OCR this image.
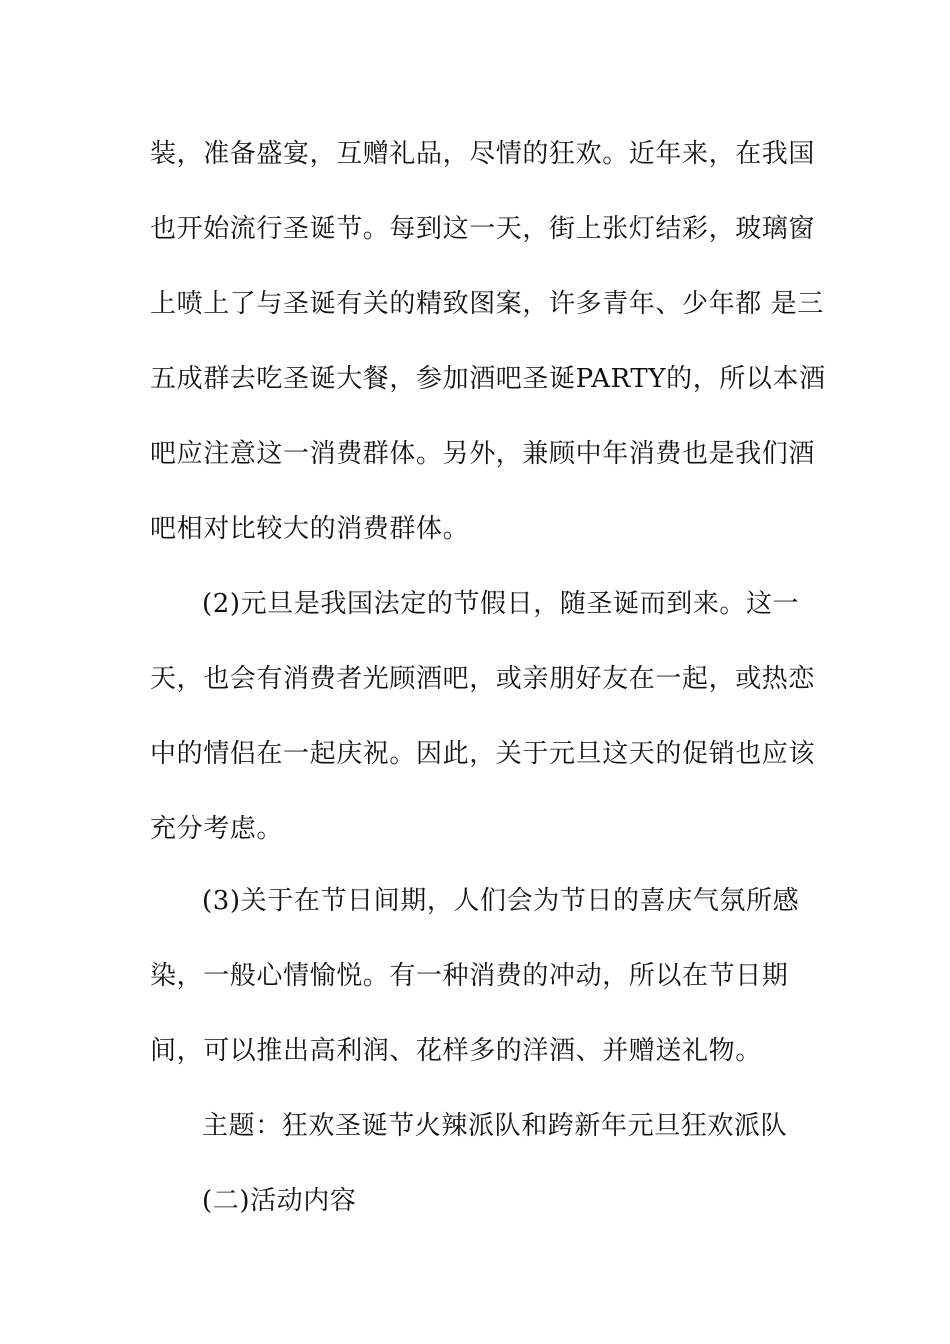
装，准备盛宴，互赠礼品，尽情的狂欢。近年来，在我国
也开始流行圣诞节。每到这一天，街上张灯结彩，玻璃窗
上喷上了与圣诞有关的精致图案，许多青年、少年都 是三
五成群去吃圣诞大餐，参加酒吧圣诞PARTY的，所以本酒
吧应注意这一消费群体。另外，兼顾中年消费也是我们酒
吧相对比较大的消费群体。
(2)元旦是我国法定的节假日，随圣诞而到来。这一
天，也会有消费者光顾酒吧，或亲朋好友在一起，或热恋
中的情侣在一起庆祝。因此，关于元旦这天的促销也应该
充分考虑。
(3)关于在节日间期，人们会为节日的喜庆气氛所感
染，一般心情愉悦。有一种消费的冲动，所以在节日期
间，可以推出高利润、花样多的洋酒、并赠送礼物。
主题：狂欢圣诞节火辣派队和跨新年元旦狂欢派队
(二)活动内容
